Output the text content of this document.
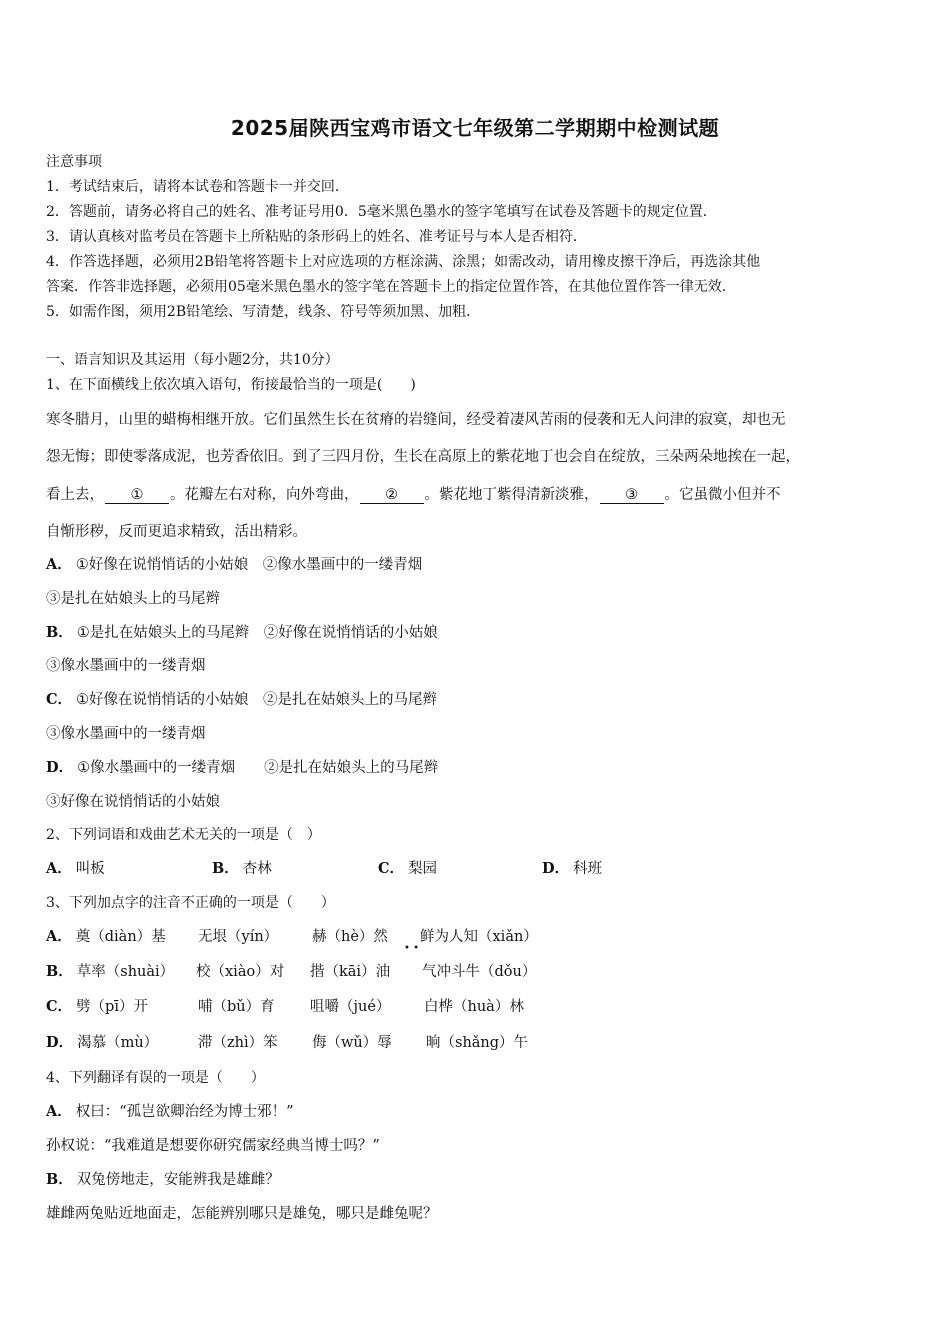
2025届陕西宝鸡市语文七年级第二学期期中检测试题
注意事项
1．考试结束后，请将本试卷和答题卡一并交回．
2．答题前，请务必将自己的姓名、准考证号用0．5毫米黑色墨水的签字笔填写在试卷及答题卡的规定位置．
3．请认真核对监考员在答题卡上所粘贴的条形码上的姓名、准考证号与本人是否相符．
4．作答选择题，必须用2B铅笔将答题卡上对应选项的方框涂满、涂黑；如需改动，请用橡皮擦干净后，再选涂其他
答案．作答非选择题，必须用05毫米黑色墨水的签字笔在答题卡上的指定位置作答，在其他位置作答一律无效．
5．如需作图，须用2B铅笔绘、写清楚，线条、符号等须加黑、加粗．
一、语言知识及其运用（每小题2分，共10分）
1、在下面横线上依次填入语句，衔接最恰当的一项是(　　)
寒冬腊月，山里的蜡梅相继开放。它们虽然生长在贫瘠的岩缝间，经受着凄风苦雨的侵袭和无人问津的寂寞，却也无
怨无悔；即使零落成泥，也芳香依旧。到了三四月份，生长在高原上的紫花地丁也会自在绽放，三朵两朵地挨在一起，
看上去， ① 。花瓣左右对称，向外弯曲， ② 。紫花地丁紫得清新淡雅， ③ 。它虽微小但并不
自惭形秽，反而更追求精致，活出精彩。
A． ①好像在说悄悄话的小姑娘　②像水墨画中的一缕青烟
③是扎在姑娘头上的马尾辫
B． ①是扎在姑娘头上的马尾辫　②好像在说悄悄话的小姑娘
③像水墨画中的一缕青烟
C． ①好像在说悄悄话的小姑娘　②是扎在姑娘头上的马尾辫
③像水墨画中的一缕青烟
D． ①像水墨画中的一缕青烟　　②是扎在姑娘头上的马尾辫
③好像在说悄悄话的小姑娘
2、下列词语和戏曲艺术无关的一项是（　）
A． 叫板	B． 杏林	C． 梨园	D． 科班
3、下列加点字的注音不正确的一项是（　　）
A． 奠（diàn）基 无垠（yín） 赫（hè）然 鲜为人知（xiǎn）
• •
B． 草率（shuài） 校（xiào）对 揩（kāi）油 气冲斗牛（dǒu）
C． 劈（pī）开	哺（bǔ）育 咀嚼（jué） 白桦（huà）林
D． 渴慕（mù）	滞（zhì）笨 侮（wǔ）辱 晌（shǎng）午
4、下列翻译有误的一项是（　　）
A． 权曰：“孤岂欲卿治经为博士邪！”
孙权说：“我难道是想要你研究儒家经典当博士吗？”
B． 双兔傍地走，安能辨我是雄雌？
雄雌两兔贴近地面走，怎能辨别哪只是雄兔，哪只是雌兔呢？
